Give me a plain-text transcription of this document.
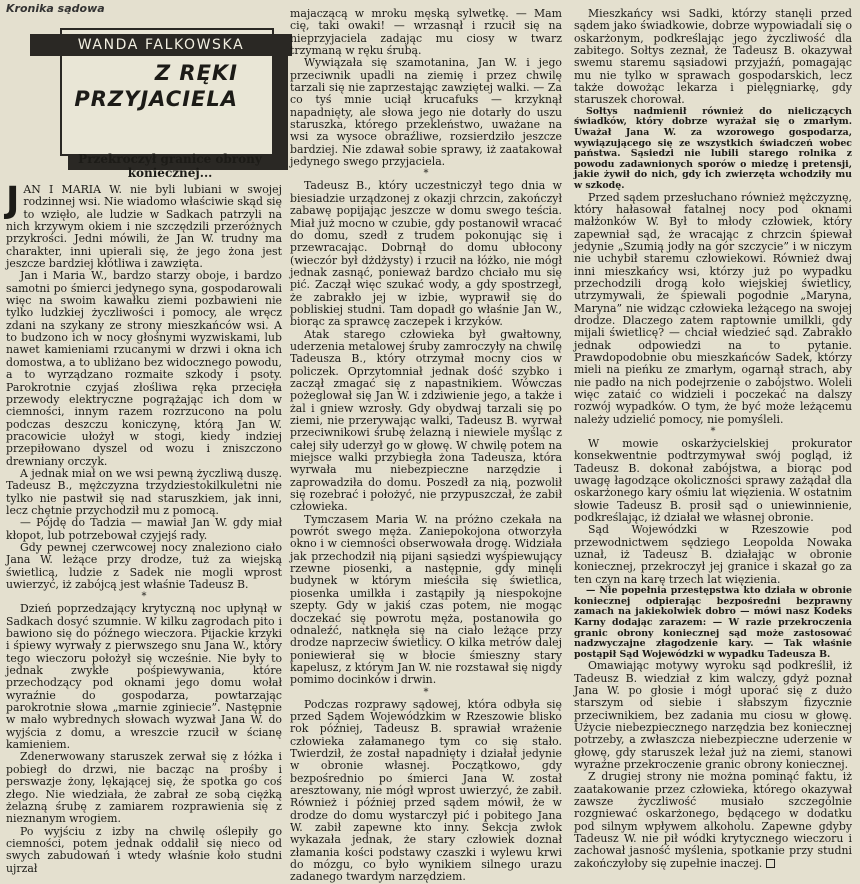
Kronika sądowa
WANDA FALKOWSKA
Z RĘKI
PRZYJACIELA
Przekroczył granice obrony koniecznej...

JAN I MARIA W. nie byli lubiani w swojej rodzinnej wsi. Nie wiadomo właściwie skąd się to wzięło, ale ludzie w Sadkach patrzyli na nich krzywym okiem i nie szczędzili przeróżnych przykrości. Jedni mówili, że Jan W. trudny ma charakter, inni upierali się, że jego żona jest jeszcze bardziej kłótliwa i zawzięta.

Jan i Maria W., bardzo starzy oboje, i bardzo samotni po śmierci jedynego syna, gospodarowali więc na swoim kawałku ziemi pozbawieni nie tylko ludzkiej życzliwości i pomocy, ale wręcz zdani na szykany ze strony mieszkańców wsi. A to budzono ich w nocy głośnymi wyzwiskami, lub nawet kamieniami rzucanymi w drzwi i okna ich domostwa, a to ubliżano bez widocznego powodu, a to wyrządzano rozmaite szkody i psoty. Parokrotnie czyjaś złośliwa ręka przecięła przewody elektryczne pogrążając ich dom w ciemności, innym razem rozrzucono na polu podczas deszczu koniczynę, którą Jan W. pracowicie ułożył w stogi, kiedy indziej przepiłowano dyszel od wozu i zniszczono drewniany orczyk.

A jednak miał on we wsi pewną życzliwą duszę. Tadeusz B., mężczyzna trzydziestokilkuletni nie tylko nie pastwił się nad staruszkiem, jak inni, lecz chętnie przychodził mu z pomocą.

— Pójdę do Tadzia — mawiał Jan W. gdy miał kłopot, lub potrzebował czyjejś rady.

Gdy pewnej czerwcowej nocy znaleziono ciało Jana W. leżące przy drodze, tuż za wiejską świetlicą, ludzie z Sadek nie mogli wprost uwierzyć, iż zabójcą jest właśnie Tadeusz B.

*

Dzień poprzedzający krytyczną noc upłynął w Sadkach dosyć szumnie. W kilku zagrodach pito i bawiono się do późnego wieczora. Pijackie krzyki i śpiewy wyrwały z pierwszego snu Jana W., który tego wieczoru położył się wcześnie. Nie były to jednak zwykłe pośpiewywania, które przechodzący pod oknami jego domu wołał wyraźnie do gospodarza, powtarzając parokrotnie słowa „marnie zginiecie”. Następnie w mało wybrednych słowach wyzwał Jana W. do wyjścia z domu, a wreszcie rzucił w ścianę kamieniem.

Zdenerwowany staruszek zerwał się z łóżka i pobiegł do drzwi, nie bacząc na prośby i perswazje żony, lękającej się, że spotka go coś złego. Nie wiedziała, że zabrał ze sobą ciężką żelazną śrubę z zamiarem rozprawienia się z nieznanym wrogiem.

Po wyjściu z izby na chwilę oślepiły go ciemności, potem jednak oddalił się nieco od swych zabudowań i wtedy właśnie koło studni ujrzał

majaczącą w mroku męską sylwetkę. — Mam cię, taki owaki! — wrzasnął i rzucił się na nieprzyjaciela zadając mu ciosy w twarz trzymaną w ręku śrubą.

Wywiązała się szamotanina, Jan W. i jego przeciwnik upadli na ziemię i przez chwilę tarzali się nie zaprzestając zawziętej walki. — Za co tyś mnie uciął krucafuks — krzyknął napadnięty, ale słowa jego nie dotarły do uszu staruszka, którego przekleństwo, uważane na wsi za wysoce obraźliwe, rozsierdziło jeszcze bardziej. Nie zdawał sobie sprawy, iż zaatakował jedynego swego przyjaciela.

*

Tadeusz B., który uczestniczył tego dnia w biesiadzie urządzonej z okazji chrzcin, zakończył zabawę popijając jeszcze w domu swego teścia. Miał już mocno w czubie, gdy postanowił wracać do domu, szedł z trudem pokonując się i przewracając. Dobrnął do domu ubłocony (wieczór był dżdżysty) i rzucił na łóżko, nie mógł jednak zasnąć, ponieważ bardzo chciało mu się pić. Zaczął więc szukać wody, a gdy spostrzegł, że zabrakło jej w izbie, wyprawił się do pobliskiej studni. Tam dopadł go właśnie Jan W., biorąc za sprawcę zaczepek i krzyków.

Atak starego człowieka był gwałtowny, uderzenia metalowej śruby zamroczyły na chwilę Tadeusza B., który otrzymał mocny cios w policzek. Oprzytomniał jednak dość szybko i zaczął zmagać się z napastnikiem. Wówczas pożeglował się Jan W. i zdziwienie jego, a także i żal i gniew wzrosły. Gdy obydwaj tarzali się po ziemi, nie przerywając walki, Tadeusz B. wyrwał przeciwnikowi śrubę żelazną i niewiele myśląc z całej siły uderzył go w głowę. W chwilę potem na miejsce walki przybiegła żona Tadeusza, która wyrwała mu niebezpieczne narzędzie i zaprowadziła do domu. Poszedł za nią, pozwolił się rozebrać i położyć, nie przypuszczał, że zabił człowieka.

Tymczasem Maria W. na próżno czekała na powrót swego męża. Zaniepokojona otworzyła okno i w ciemności obserwowała drogę. Widziała jak przechodził nią pijani sąsiedzi wyśpiewujący rzewne piosenki, a następnie, gdy minęli budynek w którym mieściła się świetlica, piosenka umilkła i zastąpiły ją niespokojne szepty. Gdy w jakiś czas potem, nie mogąc doczekać się powrotu męża, postanowiła go odnaleźć, natknęła się na ciało leżące przy drodze naprzeciw świetlicy. O kilka metrów dalej poniewierał się w błocie śmieszny stary kapelusz, z którym Jan W. nie rozstawał się nigdy pomimo docinków i drwin.

*

Podczas rozprawy sądowej, która odbyła się przed Sądem Wojewódzkim w Rzeszowie blisko rok później, Tadeusz B. sprawiał wrażenie człowieka załamanego tym co się stało. Twierdził, że został napadnięty i działał jedynie w obronie własnej. Początkowo, gdy bezpośrednio po śmierci Jana W. został aresztowany, nie mógł wprost uwierzyć, że zabił. Również i później przed sądem mówił, że w drodze do domu wystarczył pić i pobitego Jana W. zabił zapewne kto inny. Sekcja zwłok wykazała jednak, że stary człowiek doznał złamania kości podstawy czaszki i wylewu krwi do mózgu, co było wynikiem silnego urazu zadanego twardym narzędziem.

Mieszkańcy wsi Sadki, którzy stanęli przed sądem jako świadkowie, dobrze wypowiadali się o oskarżonym, podkreślając jego życzliwość dla zabitego. Sołtys zeznał, że Tadeusz B. okazywał swemu staremu sąsiadowi przyjaźń, pomagając mu nie tylko w sprawach gospodarskich, lecz także dowożąc lekarza i pielęgniarkę, gdy staruszek chorował.

Sołtys nadmienił również do nieliczących świadków, który dobrze wyrażał się o zmarłym. Uważał Jana W. za wzorowego gospodarza, wywiązującego się ze wszystkich świadczeń wobec państwa. Sąsiedzi nie lubili starego rolnika z powodu zadawnionych sporów o miedzę i pretensji, jakie żywił do nich, gdy ich zwierzęta wchodziły mu w szkodę.

Przed sądem przesłuchano również mężczyznę, który hałasował fatalnej nocy pod oknami małżonków W. Był to młody człowiek, który zapewniał sąd, że wracając z chrzcin śpiewał jedynie „Szumią jodły na gór szczycie” i w niczym nie uchybił staremu człowiekowi. Również dwaj inni mieszkańcy wsi, którzy już po wypadku przechodzili drogą koło wiejskiej świetlicy, utrzymywali, że śpiewali pogodnie „Maryna, Maryna” nie widząc człowieka leżącego na swojej drodze. Dlaczego zatem raptownie umilkli, gdy mijali świetlicę? — chciał wiedzieć sąd. Zabrakło jednak odpowiedzi na to pytanie. Prawdopodobnie obu mieszkańców Sadek, którzy mieli na pieńku ze zmarłym, ogarnął strach, aby nie padło na nich podejrzenie o zabójstwo. Woleli więc zataić co widzieli i poczekać na dalszy rozwój wypadków. O tym, że być może leżącemu należy udzielić pomocy, nie pomyśleli.

*

W mowie oskarżycielskiej prokurator konsekwentnie podtrzymywał swój pogląd, iż Tadeusz B. dokonał zabójstwa, a biorąc pod uwagę łagodzące okoliczności sprawy zażądał dla oskarżonego kary ośmiu lat więzienia. W ostatnim słowie Tadeusz B. prosił sąd o uniewinnienie, podkreślając, iż działał we własnej obronie.

Sąd Wojewódzki w Rzeszowie pod przewodnictwem sędziego Leopolda Nowaka uznał, iż Tadeusz B. działając w obronie koniecznej, przekroczył jej granice i skazał go za ten czyn na karę trzech lat więzienia.

— Nie popełnia przestępstwa kto działa w obronie koniecznej odpierając bezpośredni bezprawny zamach na jakiekolwiek dobro — mówi nasz Kodeks Karny dodając zarazem: — W razie przekroczenia granic obrony koniecznej sąd może zastosować nadzwyczajne złagodzenie kary. — Tak właśnie postąpił Sąd Wojewódzki w wypadku Tadeusza B.

Omawiając motywy wyroku sąd podkreślił, iż Tadeusz B. wiedział z kim walczy, gdyż poznał Jana W. po głosie i mógł uporać się z dużo starszym od siebie i słabszym fizycznie przeciwnikiem, bez zadania mu ciosu w głowę. Użycie niebezpiecznego narzędzia bez koniecznej potrzeby, a zwłaszcza niebezpieczne uderzenie w głowę, gdy staruszek leżał już na ziemi, stanowi wyraźne przekroczenie granic obrony koniecznej.

Z drugiej strony nie można pominąć faktu, iż zaatakowanie przez człowieka, którego okazywał zawsze życzliwość musiało szczególnie rozgniewać oskarżonego, będącego w dodatku pod silnym wpływem alkoholu. Zapewne gdyby Tadeusz W. nie pił wódki krytycznego wieczoru i zachował jasność myślenia, spotkanie przy studni zakończyłoby się zupełnie inaczej.
